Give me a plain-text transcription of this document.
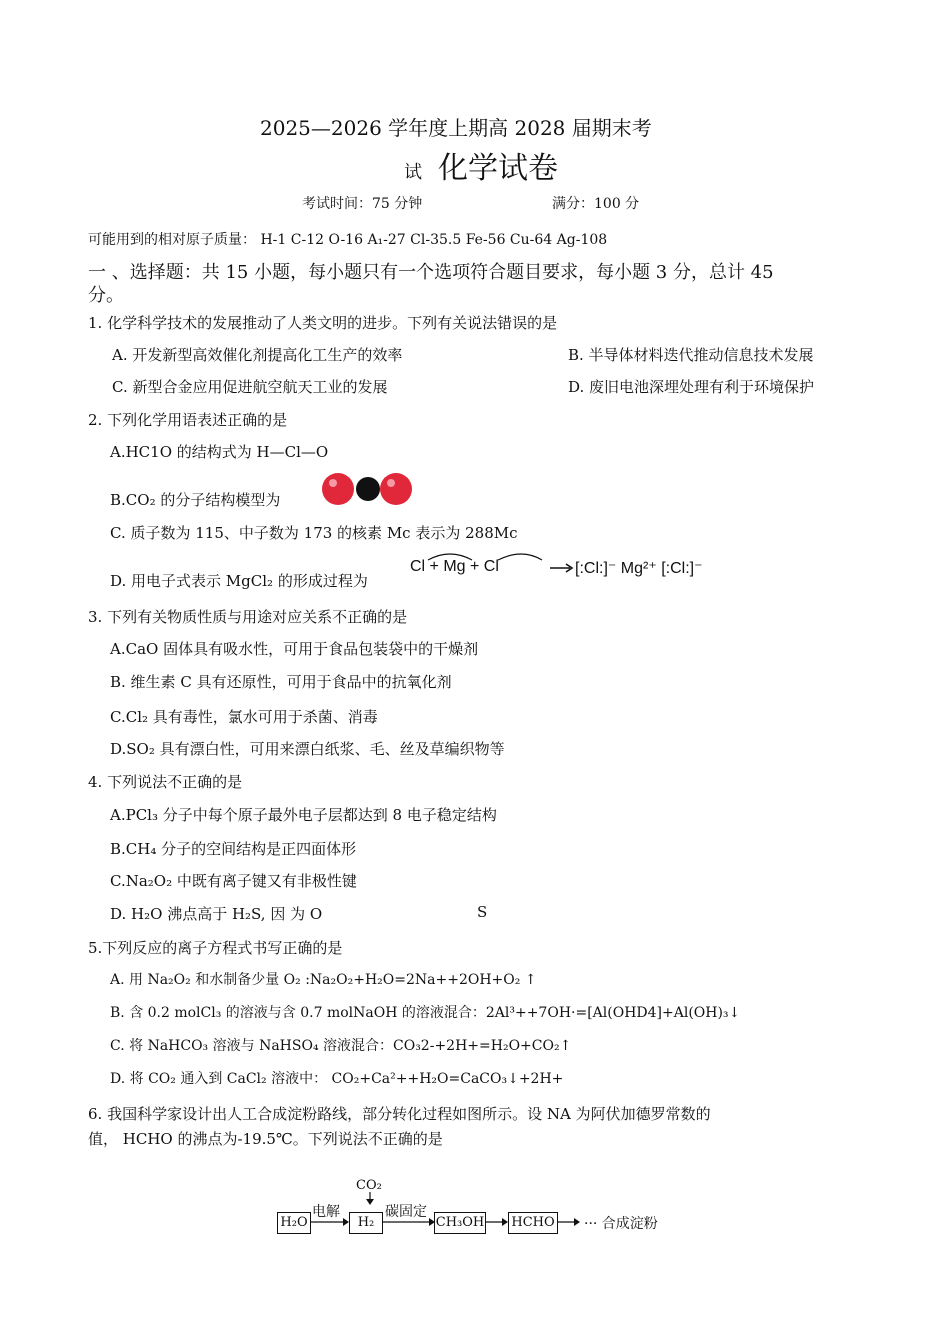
2025—2026 学年度上期高 2028 届期末考
试 化学试卷
考试时间：75 分钟	满分：100 分
可能用到的相对原子质量： H-1 C-12 O-16 A₁-27 Cl-35.5 Fe-56 Cu-64 Ag-108
一 、选择题：共 15 小题，每小题只有一个选项符合题目要求，每小题 3 分，总计 45
分。
1. 化学科学技术的发展推动了人类文明的进步。下列有关说法错误的是
A. 开发新型高效催化剂提高化工生产的效率	B. 半导体材料迭代推动信息技术发展
C. 新型合金应用促进航空航天工业的发展	D. 废旧电池深埋处理有利于环境保护
2. 下列化学用语表述正确的是
A.HC1O 的结构式为 H—Cl—O
B.CO₂ 的分子结构模型为
C. 质子数为 115、中子数为 173 的核素 Mc 表示为 288Mc
D. 用电子式表示 MgCl₂ 的形成过程为
Cl + Mg + Cl	[:Cl:]⁻ Mg²⁺ [:Cl:]⁻
3. 下列有关物质性质与用途对应关系不正确的是
A.CaO 固体具有吸水性，可用于食品包装袋中的干燥剂
B. 维生素 C 具有还原性，可用于食品中的抗氧化剂
C.Cl₂ 具有毒性，氯水可用于杀菌、消毒
D.SO₂ 具有漂白性，可用来漂白纸浆、毛、丝及草编织物等
4. 下列说法不正确的是
A.PCl₃ 分子中每个原子最外电子层都达到 8 电子稳定结构
B.CH₄ 分子的空间结构是正四面体形
C.Na₂O₂ 中既有离子键又有非极性键
D. H₂O 沸点高于 H₂S, 因 为 O	S
5.下列反应的离子方程式书写正确的是
A. 用 Na₂O₂ 和水制备少量 O₂ :Na₂O₂+H₂O=2Na++2OH+O₂ ↑
B. 含 0.2 molCl₃ 的溶液与含 0.7 molNaOH 的溶液混合：2Al³++7OH·=[Al(OHD4]+Al(OH)₃↓
C. 将 NaHCO₃ 溶液与 NaHSO₄ 溶液混合：CO₃2-+2H+=H₂O+CO₂↑
D. 将 CO₂ 通入到 CaCl₂ 溶液中： CO₂+Ca²++H₂O=CaCO₃↓+2H+
6. 我国科学家设计出人工合成淀粉路线，部分转化过程如图所示。设 NA 为阿伏加德罗常数的
值， HCHO 的沸点为-19.5℃。下列说法不正确的是
H₂O
电解
H₂
CO₂
碳固定
CH₃OH HCHO ··· 合成淀粉
